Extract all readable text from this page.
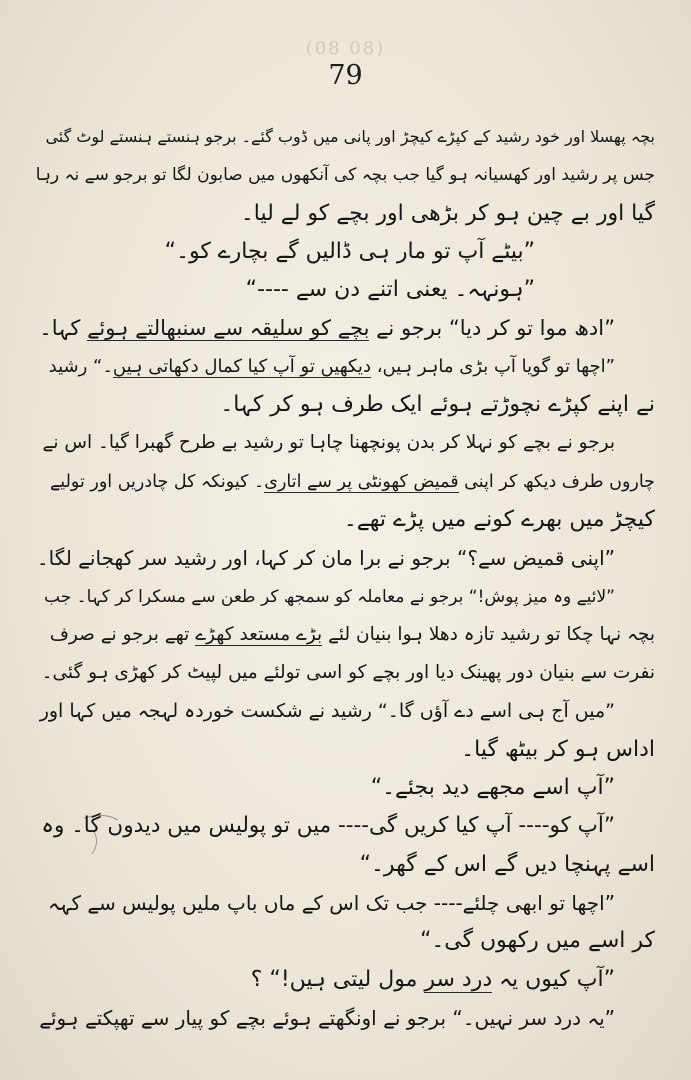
(08 08)
79
بچہ پھسلا اور خود رشید کے کپڑے کیچڑ اور پانی میں ڈوب گئے۔ برجو ہنستے ہنستے لوٹ گئی
جس پر رشید اور کھسیانہ ہو گیا جب بچہ کی آنکھوں میں صابون لگا تو برجو سے نہ رہا
گیا اور بے چین ہو کر بڑھی اور بچے کو لے لیا۔
”بیٹے آپ تو مار ہی ڈالیں گے بچارے کو۔“
”ہونہہ۔ یعنی اتنے دن سے ----“
”ادھ موا تو کر دیا“ برجو نے بچے کو سلیقہ سے سنبھالتے ہوئے کہا۔
”اچھا تو گویا آپ بڑی ماہر ہیں، دیکھیں تو آپ کیا کمال دکھاتی ہیں۔“ رشید
نے اپنے کپڑے نچوڑتے ہوئے ایک طرف ہو کر کہا۔
برجو نے بچے کو نہلا کر بدن پونچھنا چاہا تو رشید بے طرح گھبرا گیا۔ اس نے
چاروں طرف دیکھ کر اپنی قمیض کھونٹی پر سے اتاری۔ کیونکہ کل چادریں اور تولیے
کیچڑ میں بھرے کونے میں پڑے تھے۔
”اپنی قمیض سے؟“ برجو نے برا مان کر کہا، اور رشید سر کھجانے لگا۔
”لائیے وہ میز پوش!“ برجو نے معاملہ کو سمجھ کر طعن سے مسکرا کر کہا۔ جب
بچہ نہا چکا تو رشید تازہ دھلا ہوا بنیان لئے بڑے مستعد کھڑے تھے برجو نے صرف
نفرت سے بنیان دور پھینک دیا اور بچے کو اسی تولئے میں لپیٹ کر کھڑی ہو گئی۔
”میں آج ہی اسے دے آؤں گا۔“ رشید نے شکست خوردہ لہجہ میں کہا اور
اداس ہو کر بیٹھ گیا۔
”آپ اسے مجھے دید بجئے۔“
”آپ کو---- آپ کیا کریں گی---- میں تو پولیس میں دیدوں گا۔ وہ
اسے پہنچا دیں گے اس کے گھر۔“
”اچھا تو ابھی چلئے---- جب تک اس کے ماں باپ ملیں پولیس سے کہہ
کر اسے میں رکھوں گی۔“
”آپ کیوں یہ درد سر مول لیتی ہیں!“ ؟
”یہ درد سر نہیں۔“ برجو نے اونگھتے ہوئے بچے کو پیار سے تھپکتے ہوئے
